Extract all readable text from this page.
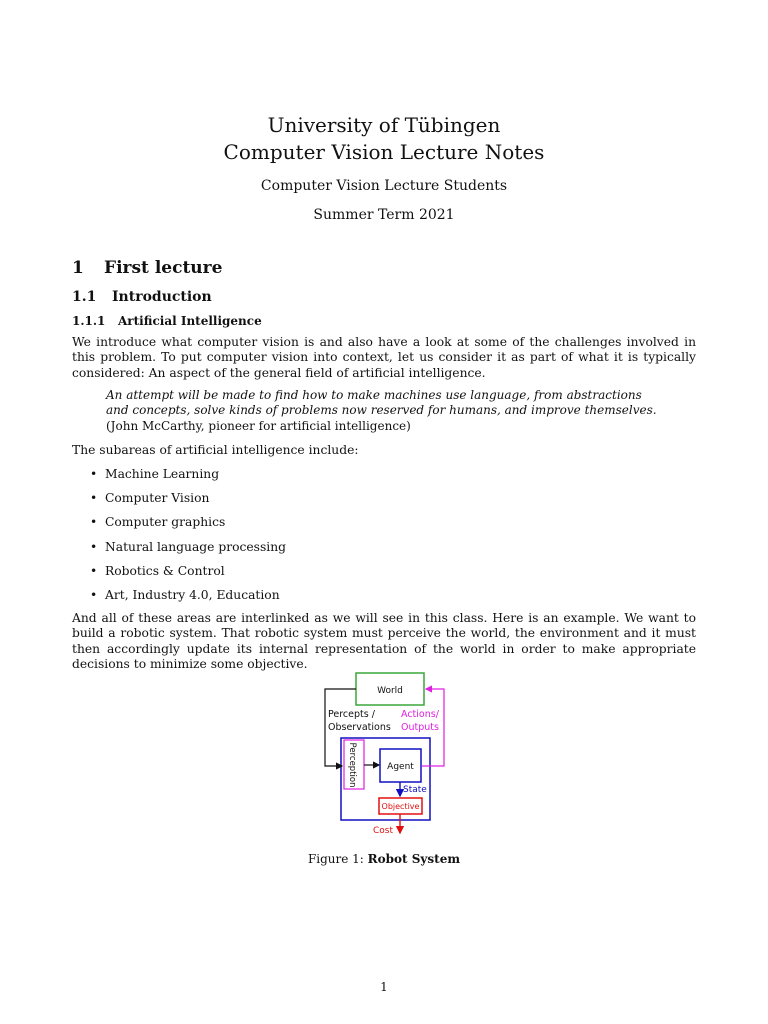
University of Tübingen
Computer Vision Lecture Notes
Computer Vision Lecture Students
Summer Term 2021
1 First lecture
1.1 Introduction
1.1.1 Artificial Intelligence
We introduce what computer vision is and also have a look at some of the challenges involved in this problem. To put computer vision into context, let us consider it as part of what it is typically considered: An aspect of the general field of artificial intelligence.
An attempt will be made to find how to make machines use language, from abstractions and concepts, solve kinds of problems now reserved for humans, and improve themselves. (John McCarthy, pioneer for artificial intelligence)
The subareas of artificial intelligence include:
• Machine Learning
• Computer Vision
• Computer graphics
• Natural language processing
• Robotics & Control
• Art, Industry 4.0, Education
And all of these areas are interlinked as we will see in this class. Here is an example. We want to build a robotic system. That robotic system must perceive the world, the environment and it must then accordingly update its internal representation of the world in order to make appropriate decisions to minimize some objective.
World
Percepts /
Observations
Actions/
Outputs
Perception	Agent
State
Objective
Cost
Figure 1: Robot System
1
